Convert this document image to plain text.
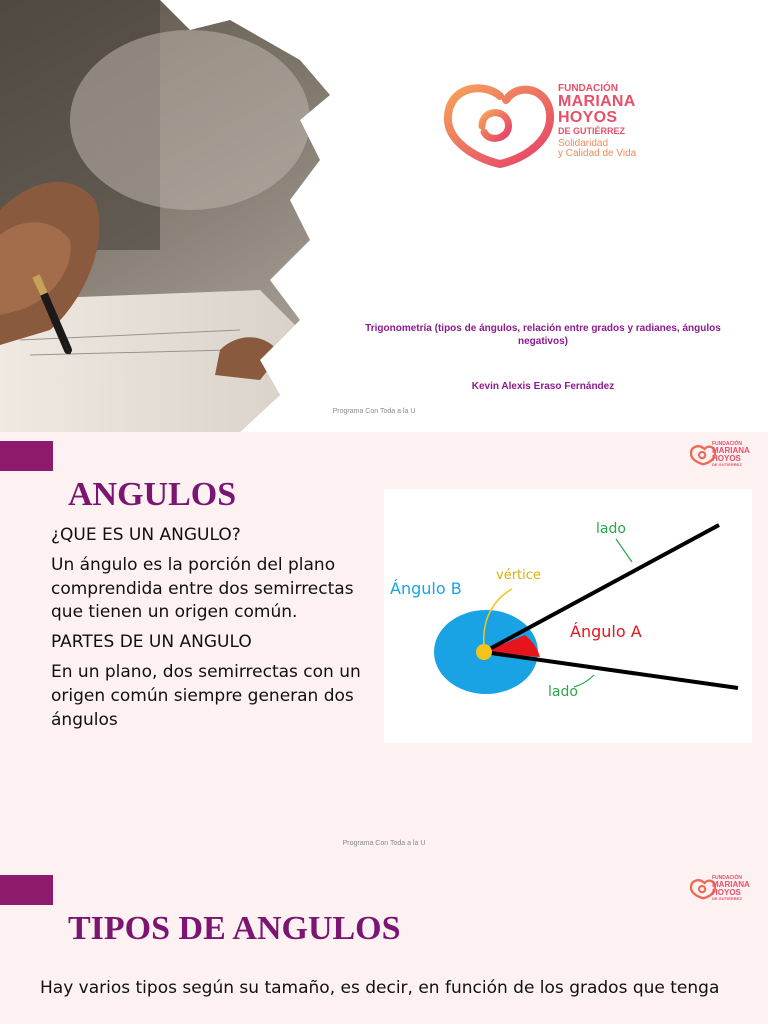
FUNDACIÓN
MARIANA
HOYOS
DE GUTIÉRREZ
Solidaridad
y Calidad de Vida
Trigonometría (tipos de ángulos, relación entre grados y radianes, ángulos negativos)
Kevin Alexis Eraso Fernández
Programa Con Toda a la U
FUNDACIÓN
MARIANA
HOYOS
DE GUTIÉRREZ
ANGULOS

¿QUE ES UN ANGULO?

Un ángulo es la porción del plano comprendida entre dos semirrectas que tienen un origen común.

PARTES DE UN ANGULO

En un plano, dos semirrectas con un origen común siempre generan dos ángulos

lado
vértice
Ángulo B
Ángulo A
lado
Programa Con Toda a la U
FUNDACIÓN
MARIANA
HOYOS
DE GUTIÉRREZ
TIPOS DE ANGULOS
Hay varios tipos según su tamaño, es decir, en función de los grados que tenga
